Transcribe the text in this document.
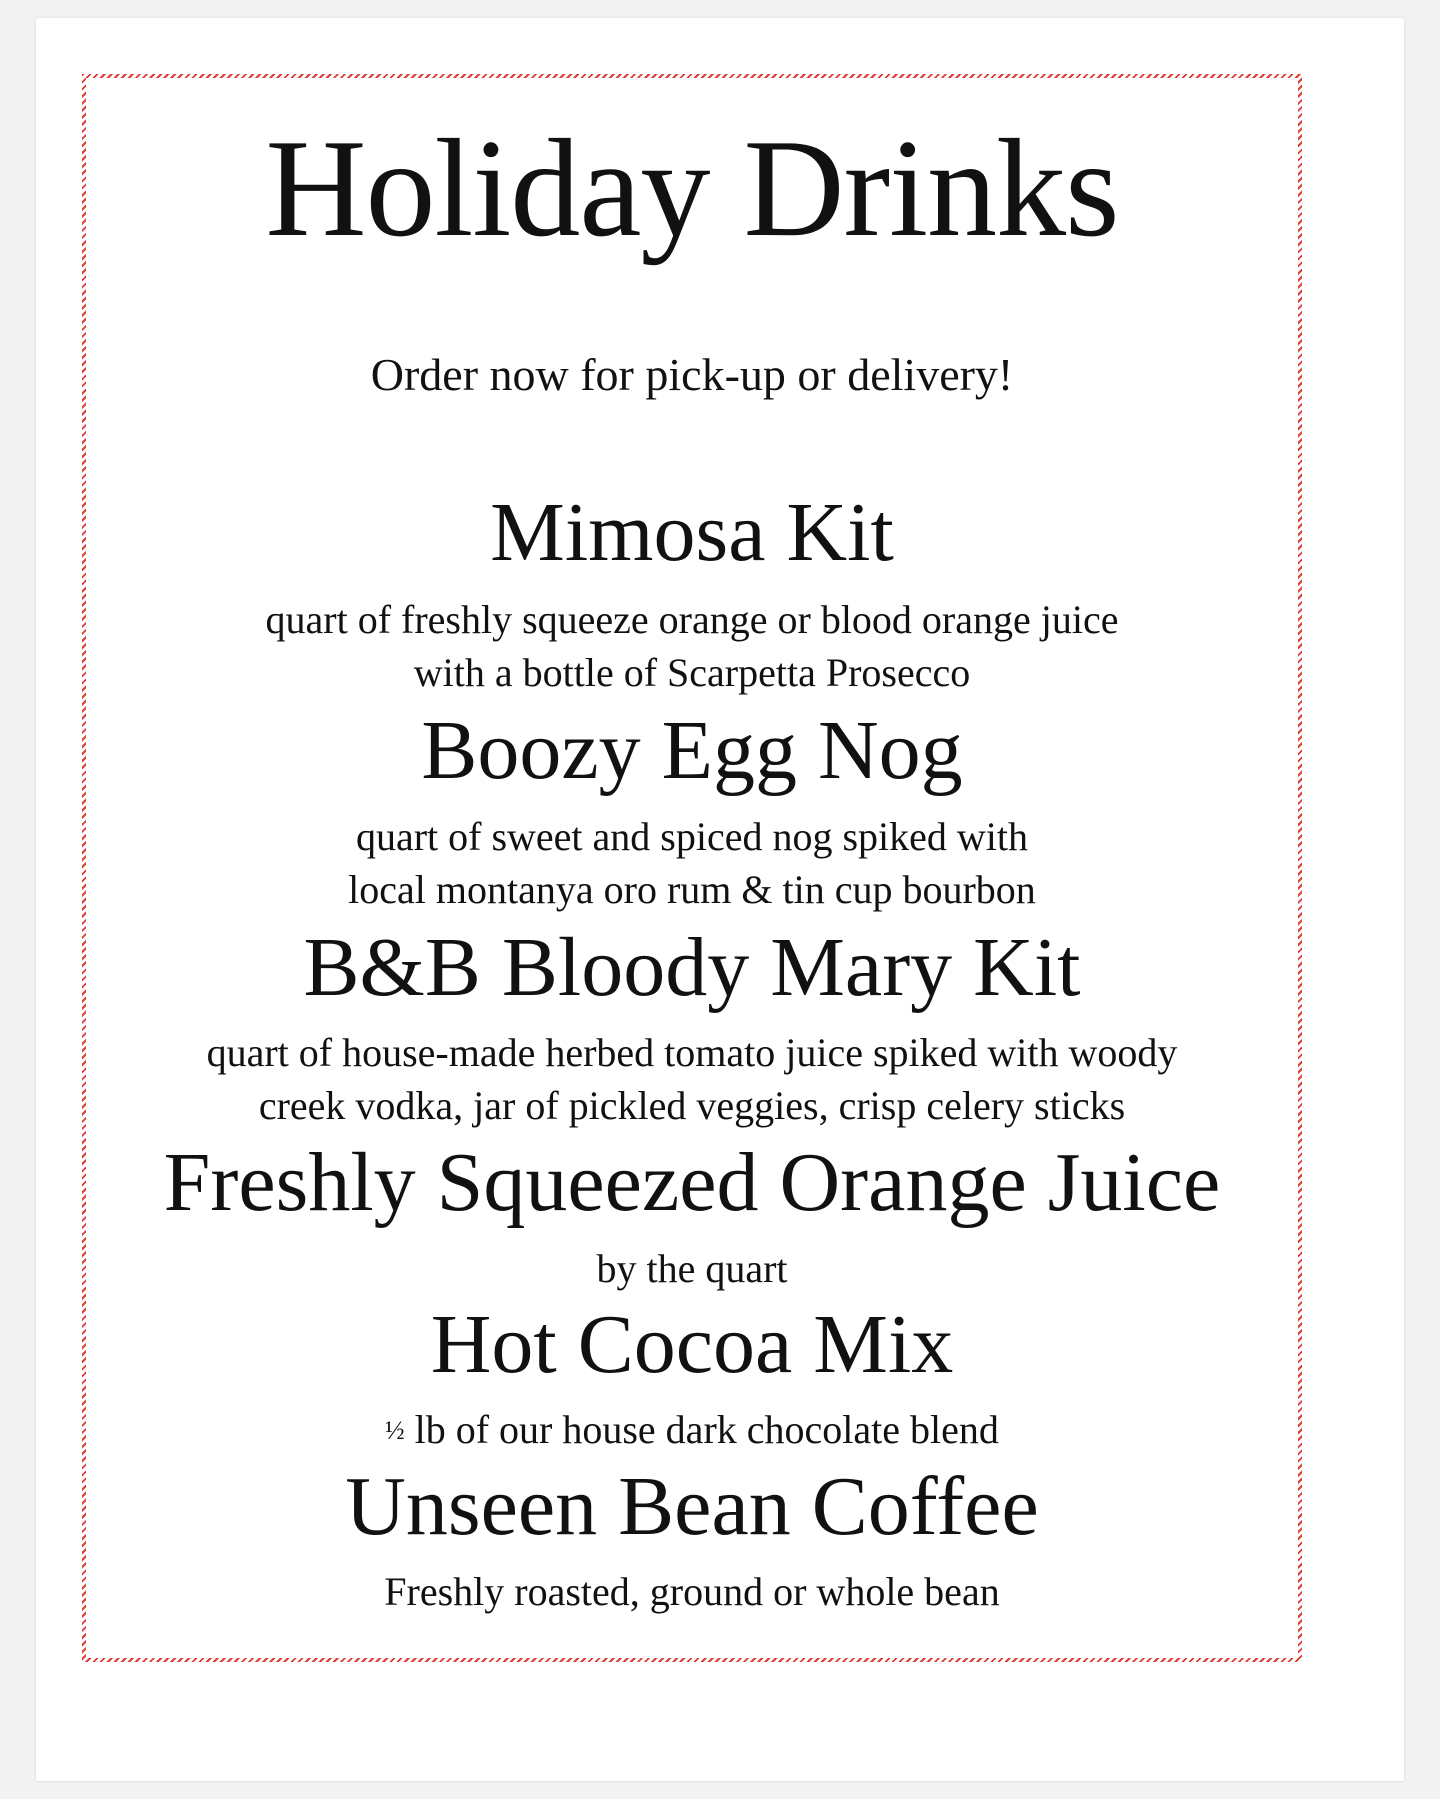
Holiday Drinks

Order now for pick-up or delivery!

Mimosa Kit

quart of freshly squeeze orange or blood orange juice

with a bottle of Scarpetta Prosecco

Boozy Egg Nog

quart of sweet and spiced nog spiked with

local montanya oro rum & tin cup bourbon

B&B Bloody Mary Kit

quart of house-made herbed tomato juice spiked with woody

creek vodka, jar of pickled veggies, crisp celery sticks

Freshly Squeezed Orange Juice

by the quart

Hot Cocoa Mix

½ lb of our house dark chocolate blend

Unseen Bean Coffee

Freshly roasted, ground or whole bean
